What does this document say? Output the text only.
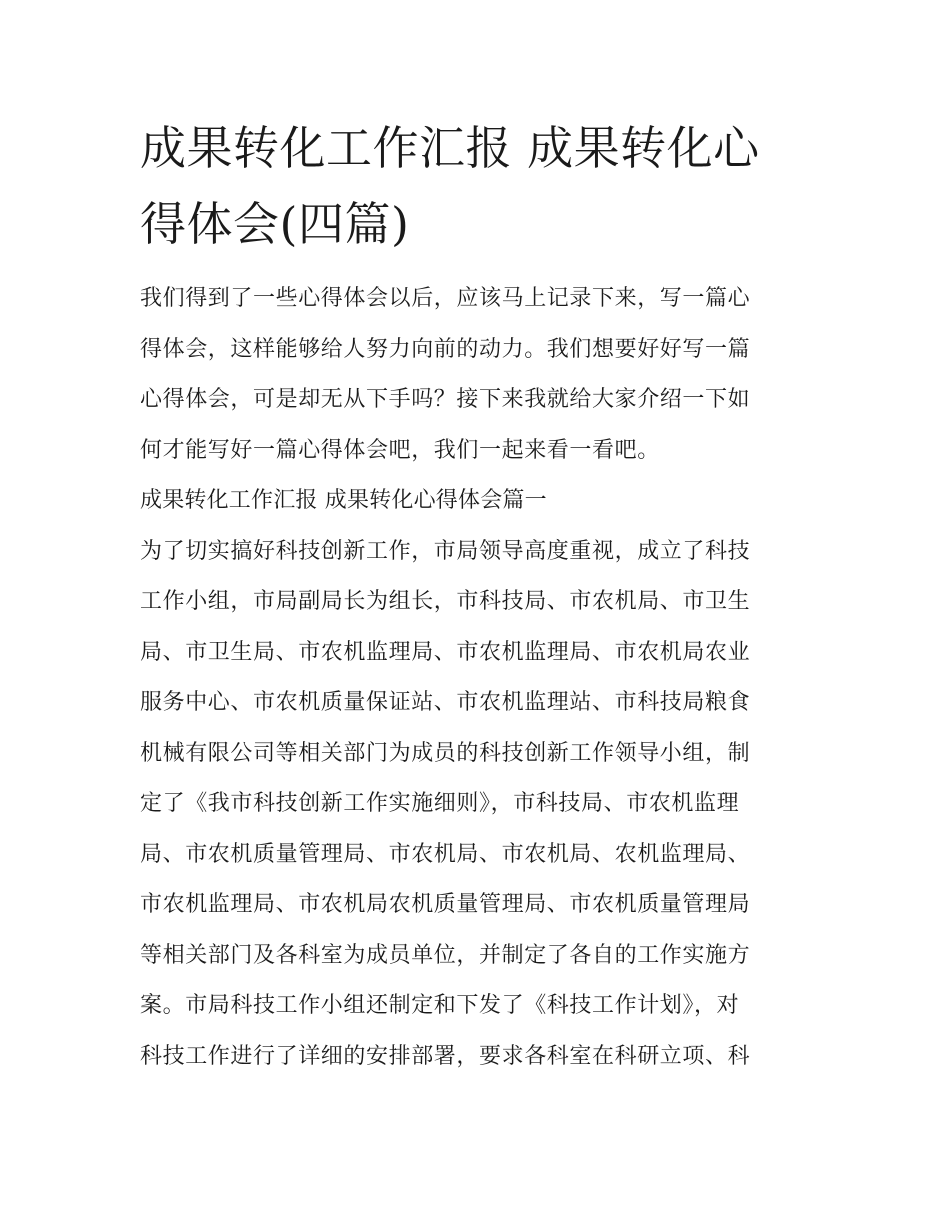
成果转化工作汇报 成果转化心
得体会(四篇)

我们得到了一些心得体会以后，应该马上记录下来，写一篇心
得体会，这样能够给人努力向前的动力。我们想要好好写一篇
心得体会，可是却无从下手吗？接下来我就给大家介绍一下如
何才能写好一篇心得体会吧，我们一起来看一看吧。

成果转化工作汇报 成果转化心得体会篇一

为了切实搞好科技创新工作，市局领导高度重视，成立了科技
工作小组，市局副局长为组长，市科技局、市农机局、市卫生
局、市卫生局、市农机监理局、市农机监理局、市农机局农业
服务中心、市农机质量保证站、市农机监理站、市科技局粮食
机械有限公司等相关部门为成员的科技创新工作领导小组，制
定了《我市科技创新工作实施细则》，市科技局、市农机监理
局、市农机质量管理局、市农机局、市农机局、农机监理局、
市农机监理局、市农机局农机质量管理局、市农机质量管理局
等相关部门及各科室为成员单位，并制定了各自的工作实施方
案。市局科技工作小组还制定和下发了《科技工作计划》，对
科技工作进行了详细的安排部署，要求各科室在科研立项、科
